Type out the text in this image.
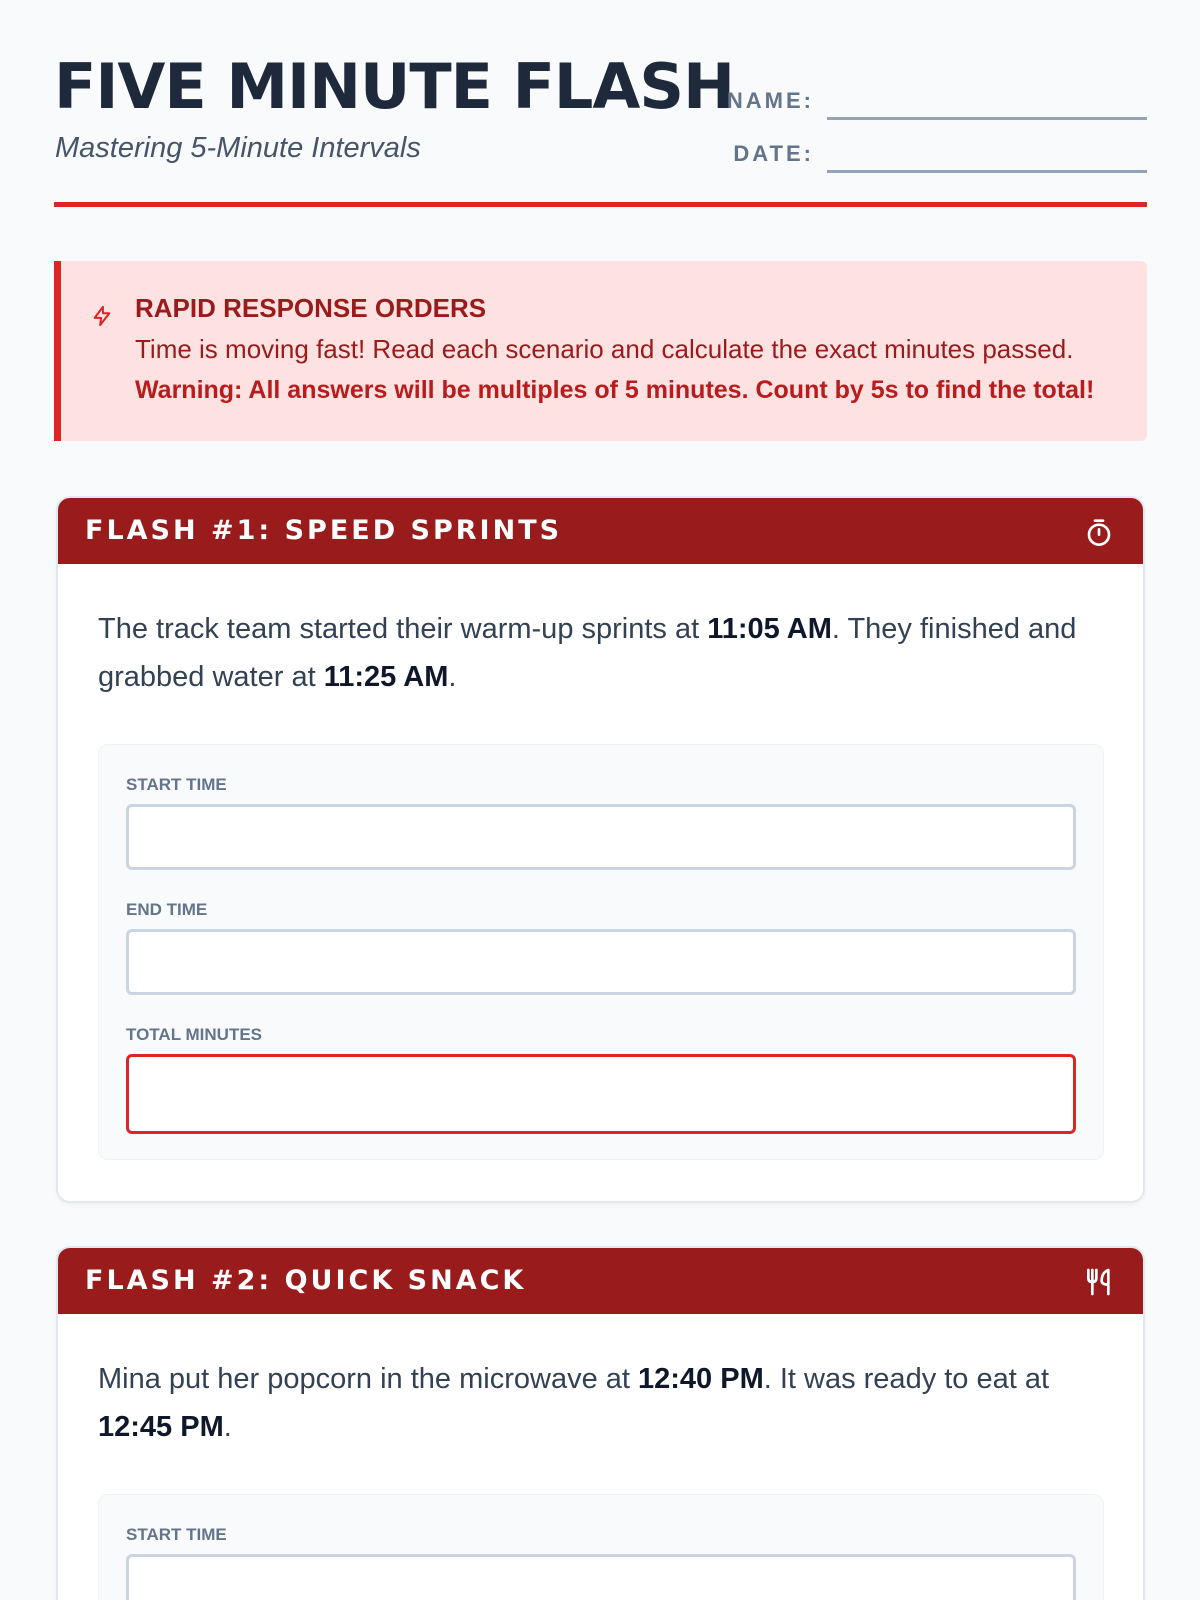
FIVE MINUTE FLASH
Mastering 5-Minute Intervals
NAME:
DATE:
RAPID RESPONSE ORDERS
Time is moving fast! Read each scenario and calculate the exact minutes passed.
Warning: All answers will be multiples of 5 minutes. Count by 5s to find the total!
FLASH #1: SPEED SPRINTS
The track team started their warm-up sprints at 11:05 AM. They finished and grabbed water at 11:25 AM.
START TIME
END TIME
TOTAL MINUTES
FLASH #2: QUICK SNACK
Mina put her popcorn in the microwave at 12:40 PM. It was ready to eat at 12:45 PM.
START TIME
